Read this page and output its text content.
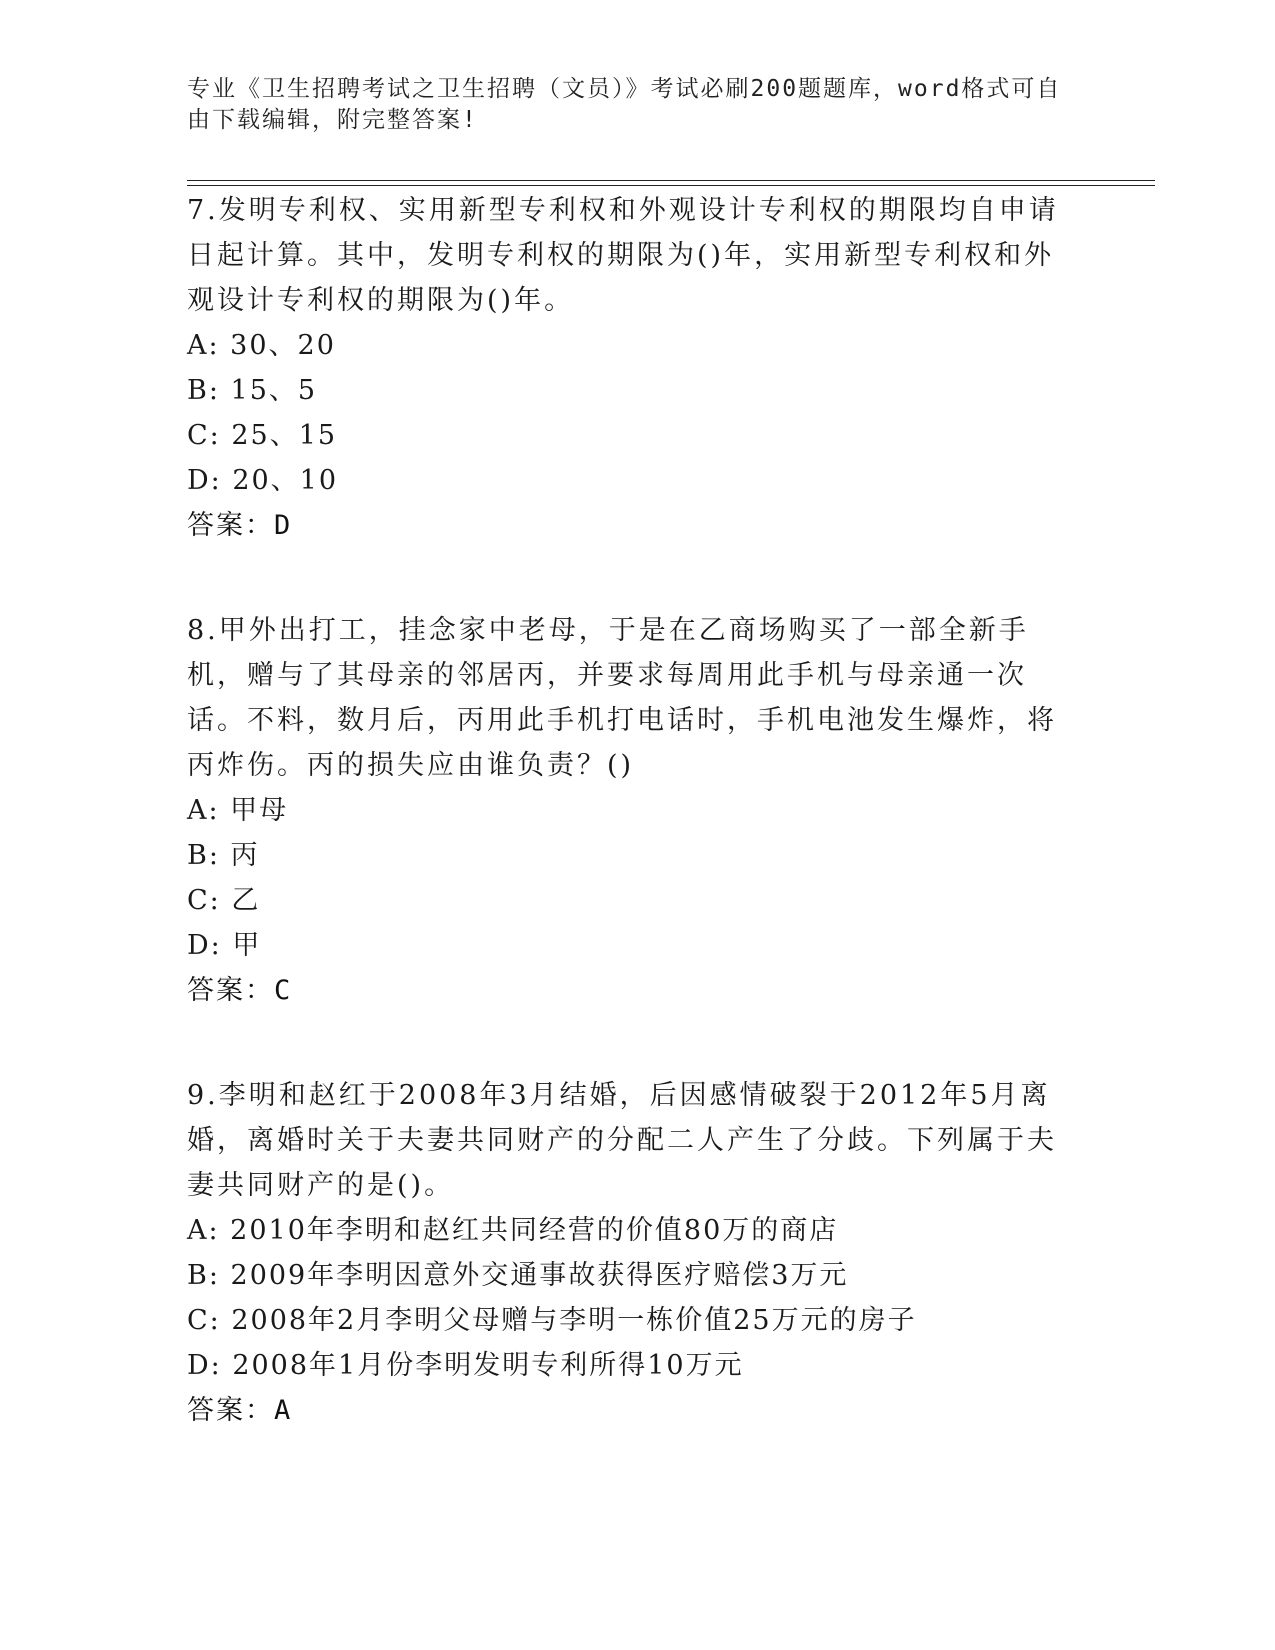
专业《卫生招聘考试之卫生招聘（文员）》考试必刷200题题库，word格式可自由下载编辑，附完整答案!

7.发明专利权、实用新型专利权和外观设计专利权的期限均自申请日起计算。其中，发明专利权的期限为()年，实用新型专利权和外观设计专利权的期限为()年。

A: 30、20

B: 15、5

C: 25、15

D: 20、10

答案：D

8.甲外出打工，挂念家中老母，于是在乙商场购买了一部全新手机，赠与了其母亲的邻居丙，并要求每周用此手机与母亲通一次话。不料，数月后，丙用此手机打电话时，手机电池发生爆炸，将丙炸伤。丙的损失应由谁负责？()

A: 甲母

B: 丙

C: 乙

D: 甲

答案：C

9.李明和赵红于2008年3月结婚，后因感情破裂于2012年5月离婚，离婚时关于夫妻共同财产的分配二人产生了分歧。下列属于夫妻共同财产的是()。

A: 2010年李明和赵红共同经营的价值80万的商店

B: 2009年李明因意外交通事故获得医疗赔偿3万元

C: 2008年2月李明父母赠与李明一栋价值25万元的房子

D: 2008年1月份李明发明专利所得10万元

答案：A
